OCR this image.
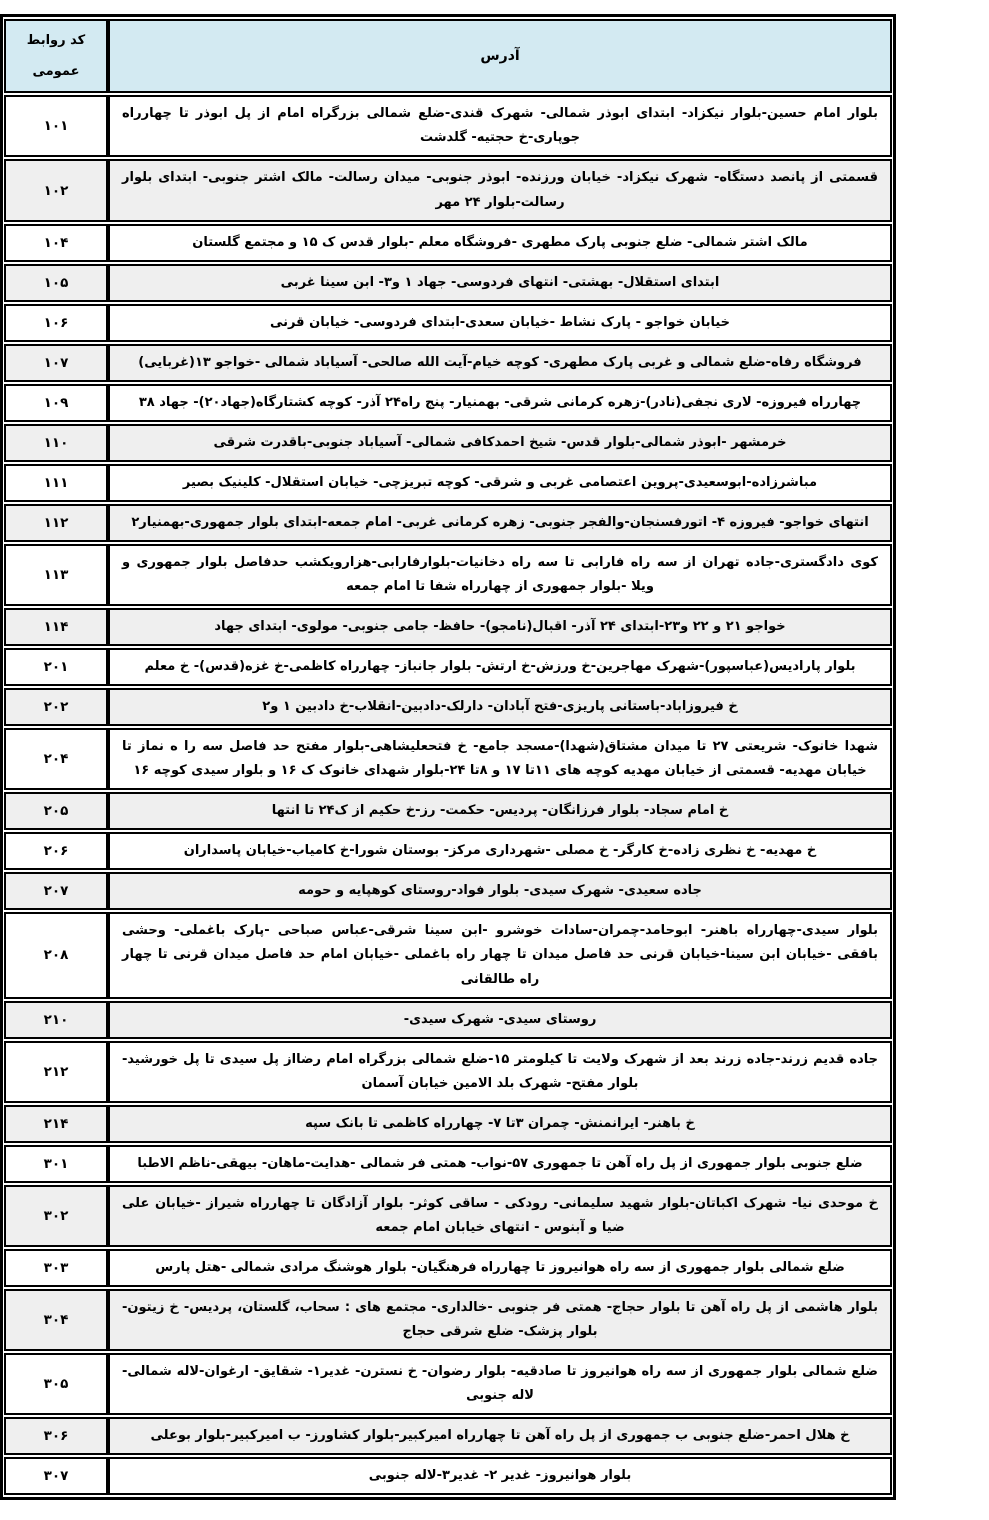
آدرس	کد روابط عمومی
بلوار امام حسین-بلوار نیکزاد- ابتدای ابوذر شمالی- شهرک قندی-ضلع شمالی بزرگراه امام از پل ابوذر تا چهارراه جوپاری-خ حجتیه- گلدشت	۱۰۱
قسمتی از پانصد دستگاه- شهرک نیکزاد- خیابان ورزنده- ابوذر جنوبی- میدان رسالت- مالک اشتر جنوبی- ابتدای بلوار رسالت-بلوار ۲۴ مهر	۱۰۲
مالک اشتر شمالی- ضلع جنوبی پارک مطهری -فروشگاه معلم -بلوار قدس ک ۱۵ و مجتمع گلستان	۱۰۴
ابتدای استقلال- بهشتی- انتهای فردوسی- جهاد ۱ و۳- ابن سینا غربی	۱۰۵
خیابان خواجو - پارک نشاط -خیابان سعدی-ابتدای فردوسی- خیابان قرنی	۱۰۶
فروشگاه رفاه-ضلع شمالی و غربی پارک مطهری- کوچه خیام-آیت الله صالحی- آسیاباد شمالی -خواجو ۱۳(غربایی)	۱۰۷
چهارراه فیروزه- لاری نجفی(نادر)-زهره کرمانی شرقی- بهمنیار- پنج راه۲۴ آذر- کوچه کشتارگاه(جهاد۲۰)- جهاد ۳۸	۱۰۹
خرمشهر -ابوذر شمالی-بلوار قدس- شیخ احمدکافی شمالی- آسیاباد جنوبی-باقدرت شرقی	۱۱۰
مباشرزاده-ابوسعیدی-پروین اعتصامی غربی و شرقی- کوچه تبریزچی- خیابان استقلال- کلینیک بصیر	۱۱۱
انتهای خواجو- فیروزه ۴- اتورفسنجان-والفجر جنوبی- زهره کرمانی غربی- امام جمعه-ابتدای بلوار جمهوری-بهمنیار۲	۱۱۲
کوی دادگستری-جاده تهران از سه راه فارابی تا سه راه دخانیات-بلوارفارابی-هزارویکشب حدفاصل بلوار جمهوری و ویلا -بلوار جمهوری از چهارراه شفا تا امام جمعه	۱۱۳
خواجو ۲۱ و ۲۲ و۲۳-ابتدای ۲۴ آذر- اقبال(نامجو)- حافظ- جامی جنوبی- مولوی- ابتدای جهاد	۱۱۴
بلوار پارادیس(عباسپور)-شهرک مهاجرین-خ ورزش-خ ارتش- بلوار جانباز- چهارراه کاظمی-خ غزه(قدس)- خ معلم	۲۰۱
خ فیروزاباد-باستانی پاریزی-فتح آبادان- دارلک-دادبین-انقلاب-خ دادبین ۱ و۲	۲۰۲
شهدا خانوک- شریعتی ۲۷ تا میدان مشتاق(شهدا)-مسجد جامع- خ فتحعلیشاهی-بلوار مفتح حد فاصل سه را ه نماز تا خیابان مهدیه- قسمتی از خیابان مهدیه کوچه های ۱۱تا ۱۷ و ۸تا ۲۴-بلوار شهدای خانوک ک ۱۶ و بلوار سیدی کوچه ۱۶	۲۰۴
خ امام سجاد- بلوار فرزانگان- پردیس- حکمت- رز-خ حکیم از ک۲۴ تا انتها	۲۰۵
خ مهدیه- خ نظری زاده-خ کارگر- خ مصلی -شهرداری مرکز- بوستان شورا-خ کامیاب-خیابان پاسداران	۲۰۶
جاده سعیدی- شهرک سیدی- بلوار فواد-روستای کوهپایه و حومه	۲۰۷
بلوار سیدی-چهارراه باهنر- ابوحامد-چمران-سادات خوشرو -ابن سینا شرقی-عباس صباحی -پارک باغملی- وحشی بافقی -خیابان ابن سینا-خیابان قرنی حد فاصل میدان تا چهار راه باغملی -خیابان امام حد فاصل میدان قرنی تا چهار راه طالقانی	۲۰۸
روستای سیدی- شهرک سیدی-	۲۱۰
جاده قدیم زرند-جاده زرند بعد از شهرک ولایت تا کیلومتر ۱۵-ضلع شمالی بزرگراه امام رضااز پل سیدی تا پل خورشید- بلوار مفتح- شهرک بلد الامین خیابان آسمان	۲۱۲
خ باهنر- ایرانمنش- چمران ۳تا ۷- چهارراه کاظمی تا بانک سپه	۲۱۴
ضلع جنوبی بلوار جمهوری از پل راه آهن تا جمهوری ۵۷-نواب- همتی فر شمالی -هدایت-ماهان- بیهقی-ناظم الاطبا	۳۰۱
خ موحدی نیا- شهرک اکباتان-بلوار شهید سلیمانی- رودکی - ساقی کوثر- بلوار آزادگان تا چهارراه شیراز -خیابان علی ضیا و آبنوس - انتهای خیابان امام جمعه	۳۰۲
ضلع شمالی بلوار جمهوری از سه راه هوانیروز تا چهارراه فرهنگیان- بلوار هوشنگ مرادی شمالی -هتل پارس	۳۰۳
بلوار هاشمی از پل راه آهن تا بلوار حجاج- همتی فر جنوبی -خالداری- مجتمع های : سحاب، گلستان، پردیس- خ زیتون-بلوار پزشک- ضلع شرقی حجاج	۳۰۴
ضلع شمالی بلوار جمهوری از سه راه هوانیروز تا صادقیه- بلوار رضوان- خ نسترن- غدیر۱- شقایق- ارغوان-لاله شمالی-لاله جنوبی	۳۰۵
خ هلال احمر-ضلع جنوبی ب جمهوری از پل راه آهن تا چهارراه امیرکبیر-بلوار کشاورز- ب امیرکبیر-بلوار بوعلی	۳۰۶
بلوار هوانیروز- غدیر ۲- غدیر۳-لاله جنوبی	۳۰۷
